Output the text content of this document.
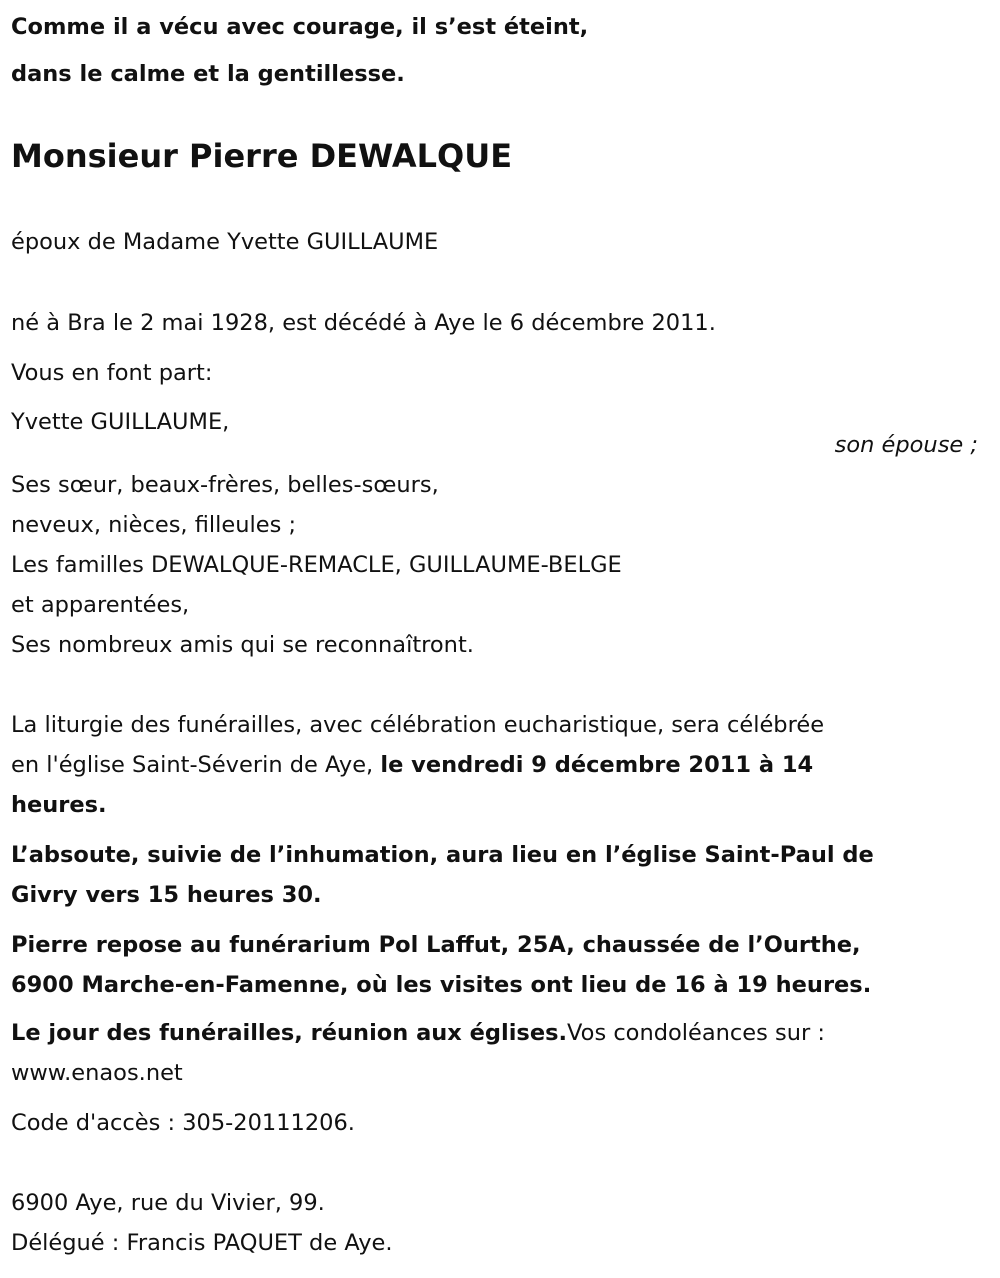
Comme il a vécu avec courage, il s’est éteint,
dans le calme et la gentillesse.
Monsieur Pierre DEWALQUE
époux de Madame Yvette GUILLAUME
né à Bra le 2 mai 1928, est décédé à Aye le 6 décembre 2011.
Vous en font part:
Yvette GUILLAUME,
son épouse ;
Ses sœur, beaux-frères, belles-sœurs,
neveux, nièces, filleules ;
Les familles DEWALQUE-REMACLE, GUILLAUME-BELGE
et apparentées,
Ses nombreux amis qui se reconnaîtront.
La liturgie des funérailles, avec célébration eucharistique, sera célébrée
en l'église Saint-Séverin de Aye, le vendredi 9 décembre 2011 à 14
heures.
L’absoute, suivie de l’inhumation, aura lieu en l’église Saint-Paul de
Givry vers 15 heures 30.
Pierre repose au funérarium Pol Laffut, 25A, chaussée de l’Ourthe,
6900 Marche-en-Famenne, où les visites ont lieu de 16 à 19 heures.
Le jour des funérailles, réunion aux églises.Vos condoléances sur :
www.enaos.net
Code d'accès : 305-20111206.
6900 Aye, rue du Vivier, 99.
Délégué : Francis PAQUET de Aye.
